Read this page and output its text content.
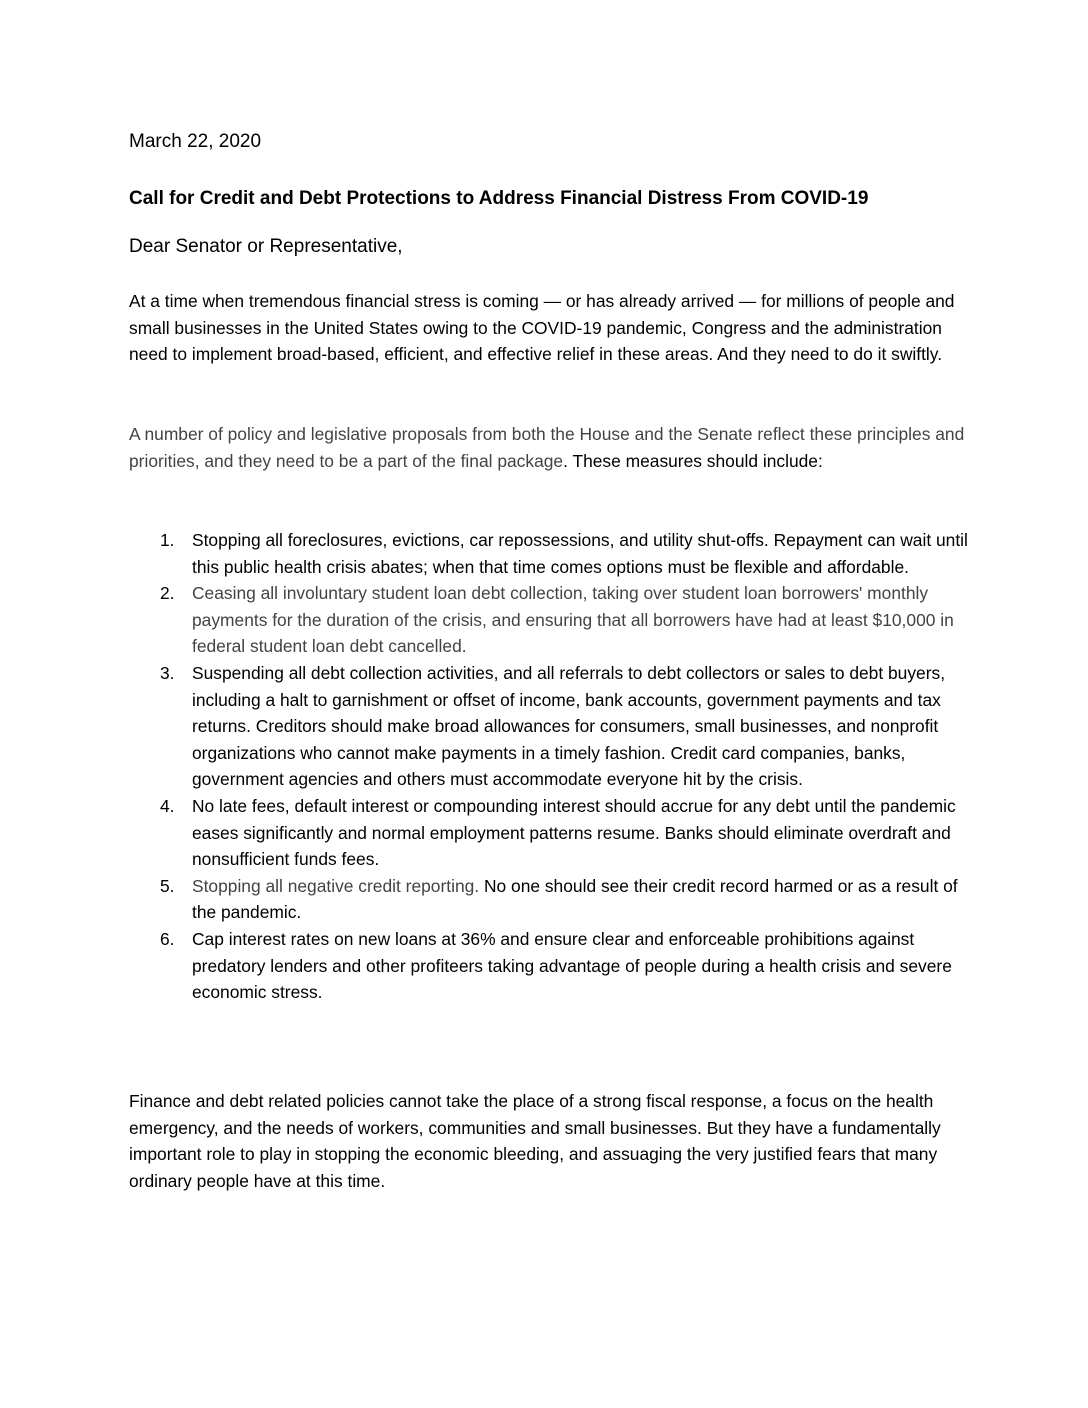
March 22, 2020

Call for Credit and Debt Protections to Address Financial Distress From COVID-19

Dear Senator or Representative,

At a time when tremendous financial stress is coming — or has already arrived — for millions of people and small businesses in the United States owing to the COVID-19 pandemic, Congress and the administration need to implement broad-based, efficient, and effective relief in these areas. And they need to do it swiftly.

A number of policy and legislative proposals from both the House and the Senate reflect these principles and priorities, and they need to be a part of the final package. These measures should include:

1. Stopping all foreclosures, evictions, car repossessions, and utility shut-offs. Repayment can wait until this public health crisis abates; when that time comes options must be flexible and affordable.
2. Ceasing all involuntary student loan debt collection, taking over student loan borrowers' monthly payments for the duration of the crisis, and ensuring that all borrowers have had at least $10,000 in federal student loan debt cancelled.
3. Suspending all debt collection activities, and all referrals to debt collectors or sales to debt buyers, including a halt to garnishment or offset of income, bank accounts, government payments and tax returns. Creditors should make broad allowances for consumers, small businesses, and nonprofit organizations who cannot make payments in a timely fashion. Credit card companies, banks, government agencies and others must accommodate everyone hit by the crisis.
4. No late fees, default interest or compounding interest should accrue for any debt until the pandemic eases significantly and normal employment patterns resume. Banks should eliminate overdraft and nonsufficient funds fees.
5. Stopping all negative credit reporting. No one should see their credit record harmed or as a result of the pandemic.
6. Cap interest rates on new loans at 36% and ensure clear and enforceable prohibitions against predatory lenders and other profiteers taking advantage of people during a health crisis and severe economic stress.

Finance and debt related policies cannot take the place of a strong fiscal response, a focus on the health emergency, and the needs of workers, communities and small businesses. But they have a fundamentally important role to play in stopping the economic bleeding, and assuaging the very justified fears that many ordinary people have at this time.
